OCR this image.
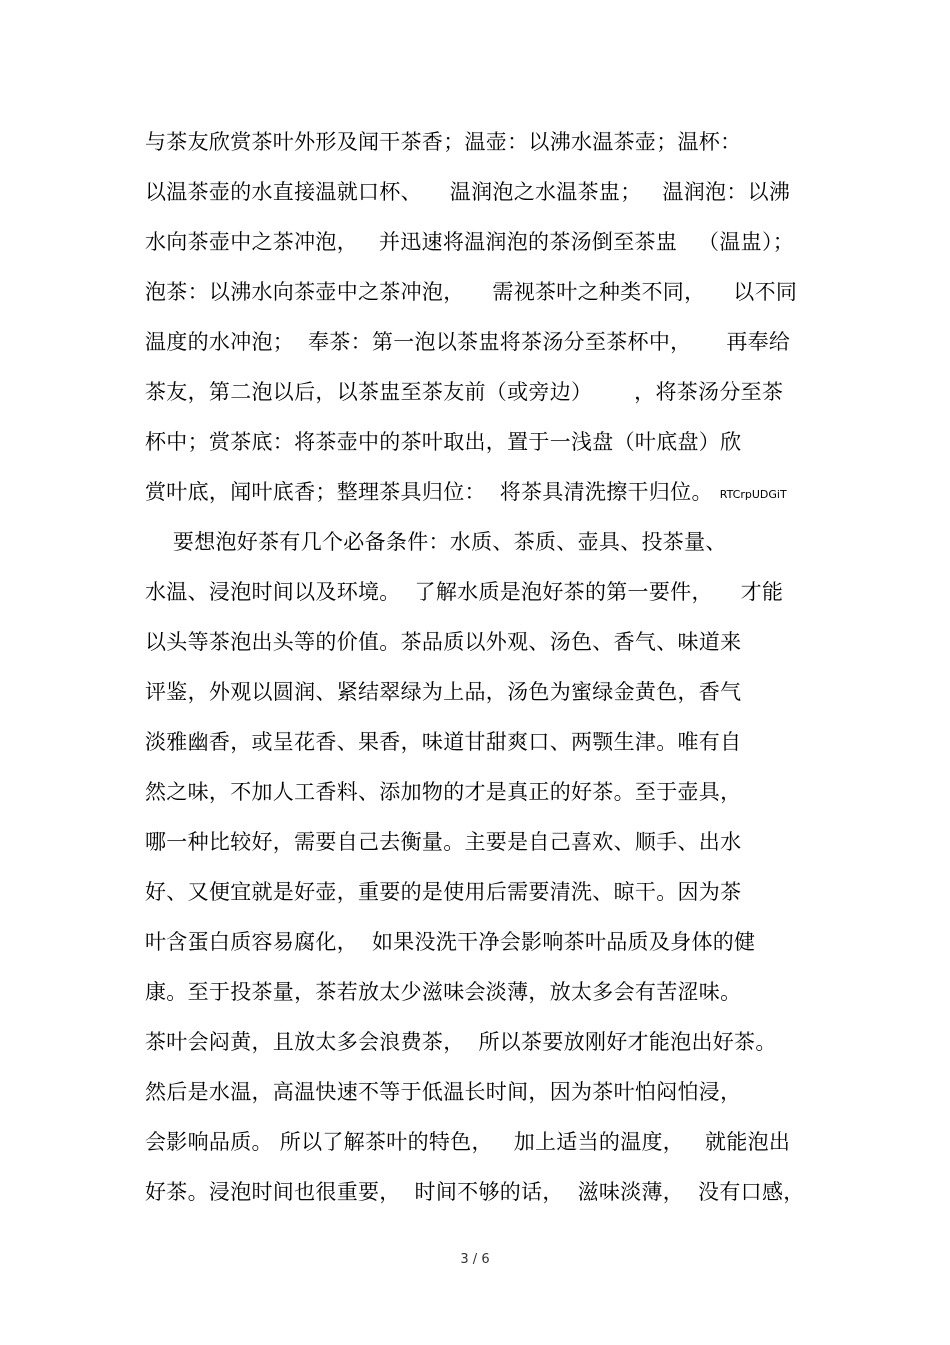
与茶友欣赏茶叶外形及闻干茶香；温壶：以沸水温茶壶；温杯：
以温茶壶的水直接温就口杯、    温润泡之水温茶盅；   温润泡：以沸
水向茶壶中之茶冲泡，   并迅速将温润泡的茶汤倒至茶盅   （温盅）；
泡茶：以沸水向茶壶中之茶冲泡，    需视茶叶之种类不同，    以不同
温度的水冲泡；  奉茶：第一泡以茶盅将茶汤分至茶杯中，     再奉给
茶友，第二泡以后，以茶盅至茶友前（或旁边）      ，将茶汤分至茶
杯中；赏茶底：将茶壶中的茶叶取出，置于一浅盘（叶底盘）欣
赏叶底，闻叶底香；整理茶具归位：  将茶具清洗擦干归位。 RTCrpUDGiT
要想泡好茶有几个必备条件：水质、茶质、壶具、投茶量、
水温、浸泡时间以及环境。  了解水质是泡好茶的第一要件，    才能
以头等茶泡出头等的价值。茶品质以外观、汤色、香气、味道来
评鉴，外观以圆润、紧结翠绿为上品，汤色为蜜绿金黄色，香气
淡雅幽香，或呈花香、果香，味道甘甜爽口、两颚生津。唯有自
然之味，不加人工香料、添加物的才是真正的好茶。至于壶具，
哪一种比较好，需要自己去衡量。主要是自己喜欢、顺手、出水
好、又便宜就是好壶，重要的是使用后需要清洗、晾干。因为茶
叶含蛋白质容易腐化，  如果没洗干净会影响茶叶品质及身体的健
康。至于投茶量，茶若放太少滋味会淡薄，放太多会有苦涩味。
茶叶会闷黄，且放太多会浪费茶，  所以茶要放刚好才能泡出好茶。
然后是水温，高温快速不等于低温长时间，因为茶叶怕闷怕浸，
会影响品质。 所以了解茶叶的特色，   加上适当的温度，   就能泡出
好茶。浸泡时间也很重要，  时间不够的话，  滋味淡薄，  没有口感，
3 / 6
